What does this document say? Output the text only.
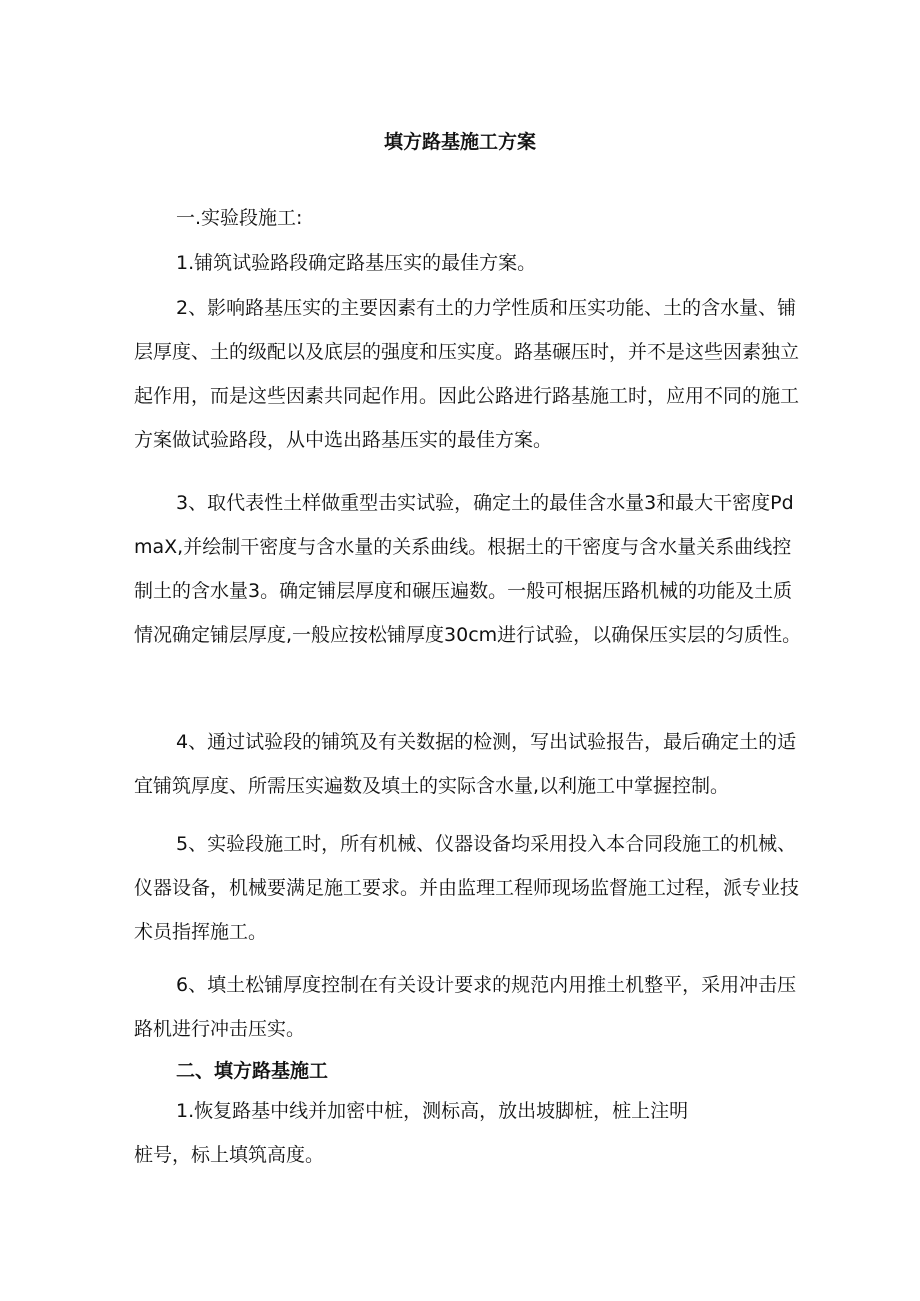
填方路基施工方案
一.实验段施工:
1.铺筑试验路段确定路基压实的最佳方案。
2、影响路基压实的主要因素有土的力学性质和压实功能、土的含水量、铺层厚度、土的级配以及底层的强度和压实度。路基碾压时，并不是这些因素独立起作用，而是这些因素共同起作用。因此公路进行路基施工时，应用不同的施工方案做试验路段，从中选出路基压实的最佳方案。
3、取代表性土样做重型击实试验，确定土的最佳含水量3和最大干密度PdmaX,并绘制干密度与含水量的关系曲线。根据土的干密度与含水量关系曲线控制土的含水量3。确定铺层厚度和碾压遍数。一般可根据压路机械的功能及土质情况确定铺层厚度,一般应按松铺厚度30cm进行试验，以确保压实层的匀质性。
4、通过试验段的铺筑及有关数据的检测，写出试验报告，最后确定土的适宜铺筑厚度、所需压实遍数及填土的实际含水量,以利施工中掌握控制。
5、实验段施工时，所有机械、仪器设备均采用投入本合同段施工的机械、仪器设备，机械要满足施工要求。并由监理工程师现场监督施工过程，派专业技术员指挥施工。
6、填土松铺厚度控制在有关设计要求的规范内用推土机整平，采用冲击压路机进行冲击压实。
二、填方路基施工
1.恢复路基中线并加密中桩，测标高，放出坡脚桩，桩上注明
桩号，标上填筑高度。
